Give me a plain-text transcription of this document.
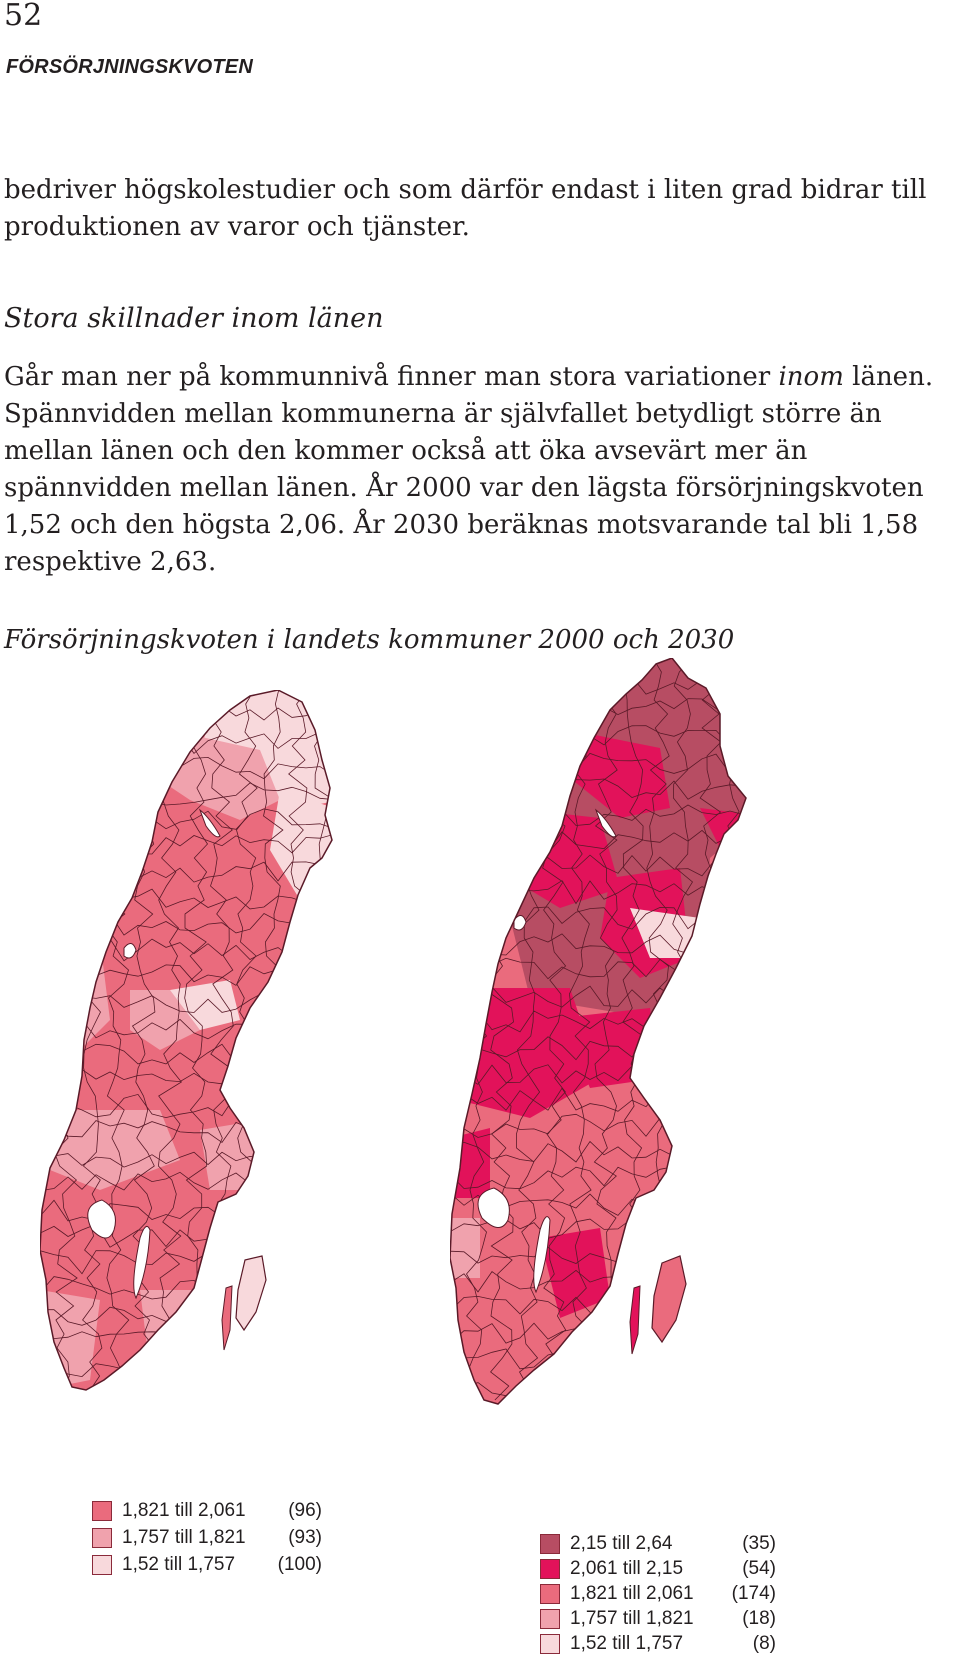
52
FÖRSÖRJNINGSKVOTEN

bedriver högskolestudier och som därför endast i liten grad bidrar till produktionen av varor och tjänster.

Stora skillnader inom länen

Går man ner på kommunnivå finner man stora variationer inom länen. Spännvidden mellan kommunerna är självfallet betydligt större än mellan länen och den kommer också att öka avsevärt mer än spännvidden mellan länen. År 2000 var den lägsta försörjningskvoten 1,52 och den högsta 2,06. År 2030 beräknas motsvarande tal bli 1,58 respektive 2,63.

Försörjningskvoten i landets kommuner 2000 och 2030
1,821 till 2,061	(96)
1,757 till 1,821	(93)
1,52 till 1,757	(100)
2,15 till 2,64	(35)
2,061 till 2,15	(54)
1,821 till 2,061	(174)
1,757 till 1,821	(18)
1,52 till 1,757	(8)
